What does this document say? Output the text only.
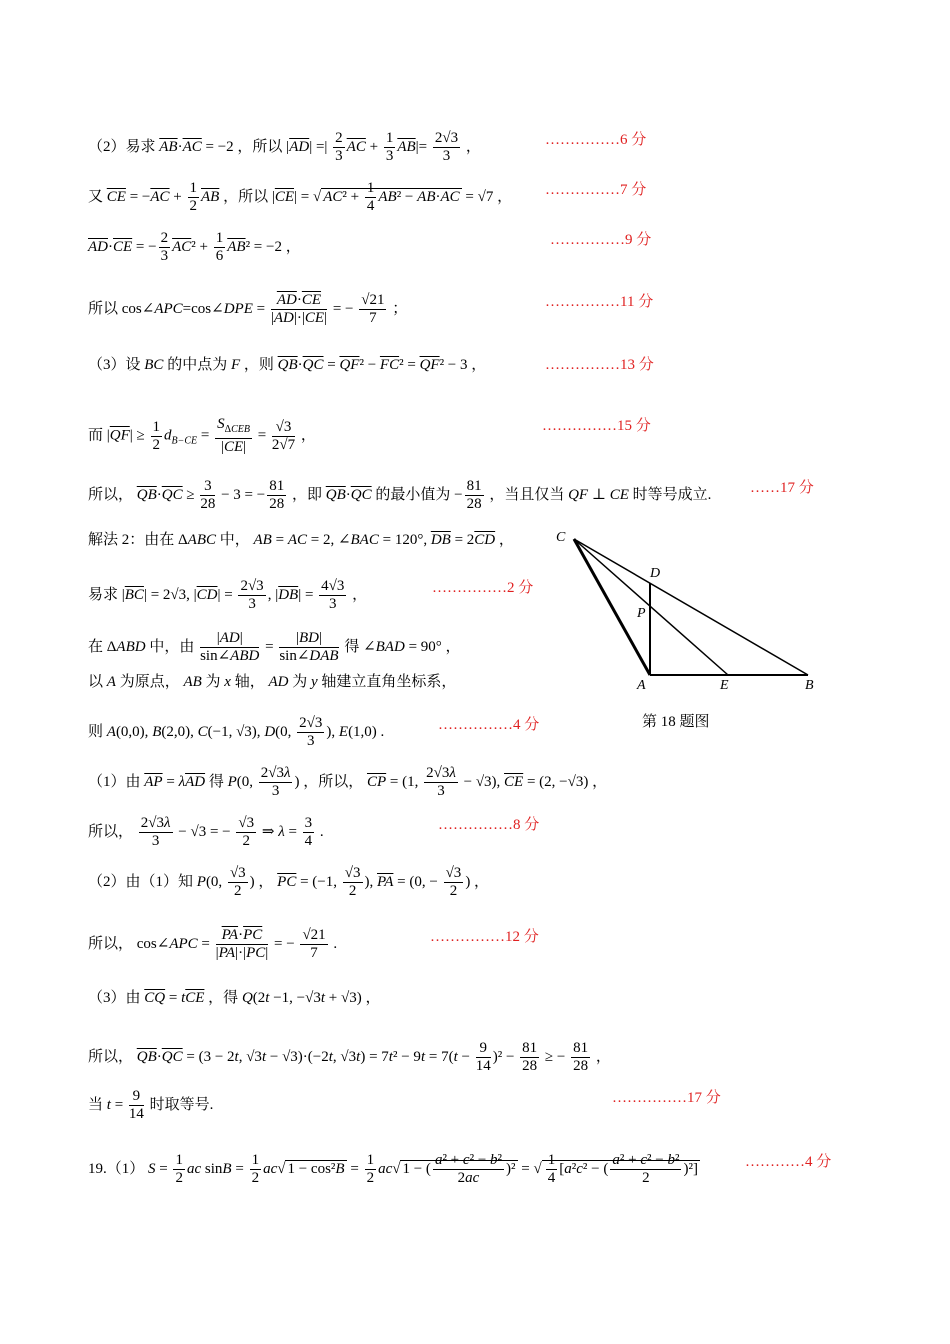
（2）易求 $\overline{AB}\cdot\overline{AC} = -2$ ，所以 $|\overline{AD}|$ =| $\frac{2}{3} \overline{AC} + \frac{1}{3} \overline{AB}|= \frac{2√3}{3}$ ，	……………6 分
又 $\overline{CE} = -\overline{AC} + \frac{1}{2} \overline{AB}$ ，所以 $|\overline{CE}|$ = √ $AC^2 + \frac{1}{4} \overline{AB}^2 - \overline{AB}\cdot\overline{AC} = √7$ ， ……………7 分
$\overline{AD}\cdot\overline{CE}$ = − $\frac{2}{3} \overline{AC}^2 + \frac{1}{6} \overline{AB}^2 = -2$ ，	……………9 分
所以 cos∠APC=cos∠DPE = $\frac{\overline{AD}\cdot\overline{CE}}{|\overline{AD}|\cdot|\overline{CE}|}$ = − $\frac{√21}{7}$ ；	……………11 分
（3）设 BC 的中点为 F ，则 $\overline{QB}\cdot\overline{QC} = \overline{QF}^2 - \overline{FC}^2 = \overline{QF}^2 - 3$ ，	……………13 分
而 $|\overline{QF}| \ge \frac{1}{2} d_{B-CE}$ =
$S_{\Delta CEB}$
$|\overline{CE}|$
= $\frac{√3}{2√7}$ ，
……………15 分
所以， $\overline{QB}\cdot\overline{QC} \ge \frac{3}{28} - 3$ = − $\frac{81}{28}$ ，即 $\overline{QB}\cdot\overline{QC}$ 的最小值为 − $\frac{81}{28}$ ，当且仅当 QF ⊥ CE 时等号成立.	……17 分
解法 2：由在 ΔABC 中， AB = AC = 2, ∠BAC = 120°, $\overline{DB} = 2\overline{CD}$ ，
易求 $|\overline{BC}| = 2√3$, $|\overline{CD}| = \frac{2√3}{3}$ , $|\overline{DB}| = \frac{4√3}{3}$ ，	……………2 分
在 ΔABD 中，由
|AD|
sin∠ABD
=
|BD|
sin∠DAB
得 ∠BAD = 90° ，
以 A 为原点， AB 为 x 轴， AD 为 y 轴建立直角坐标系，
则 A(0,0), B(2,0), C(−1, √3), D(0, $\frac{2√3}{3}$ ), E(1,0) .	……………4 分
（1）由 $\overline{AP} = \lambda\overline{AD}$ 得 P(0, $\frac{2√3\lambda}{3}$ ) ，所以， $\overline{CP} = (1$, $\frac{2√3\lambda}{3} - √3$), $\overline{CE} = (2$, −√3) ，
所以， $\frac{2√3\lambda}{3} - √3$ = − $\frac{√3}{2}$ ⇒ $\lambda = \frac{3}{4}$ .	……………8 分
（2）由（1）知 P(0, $\frac{√3}{2}$ ) ， $\overline{PC} = (-1$, $\frac{√3}{2}$ ), $\overline{PA} = (0$, − $\frac{√3}{2}$ ) ，
所以， cos∠APC = $\frac{\overline{PA}\cdot\overline{PC}}{|\overline{PA}|\cdot|\overline{PC}|}$ = − $\frac{√21}{7}$ .	……………12 分
（3）由 $\overline{CQ} = t\overline{CE}$ ，得 Q(2t −1, −√3t + √3) ，
所以， $\overline{QB}\cdot\overline{QC} = (3 - 2t$, √3t − √3)·(−2t, $√3t) = 7t^2 - 9t = 7(t - \frac{9}{14} )^2 - \frac{81}{28}$ ≥ − $\frac{81}{28}$ ，
当 $t = \frac{9}{14}$ 时取等号.	……………17 分
19.（1） $S = \frac{1}{2}$ ac $\sin B = \frac{1}{2} ac√$ $1 - \cos^2B = \frac{1}{2} ac√$ 1 − ( $\frac{\text{a² + c² − b²}}{2ac} )^2$ = √ $\frac{1}{4} [a^2c^2$ − ( $\frac{\text{a² + c² − b²}}{2} )^2$]	…………4 分
C
D
P
A	E	B
第 18 题图
